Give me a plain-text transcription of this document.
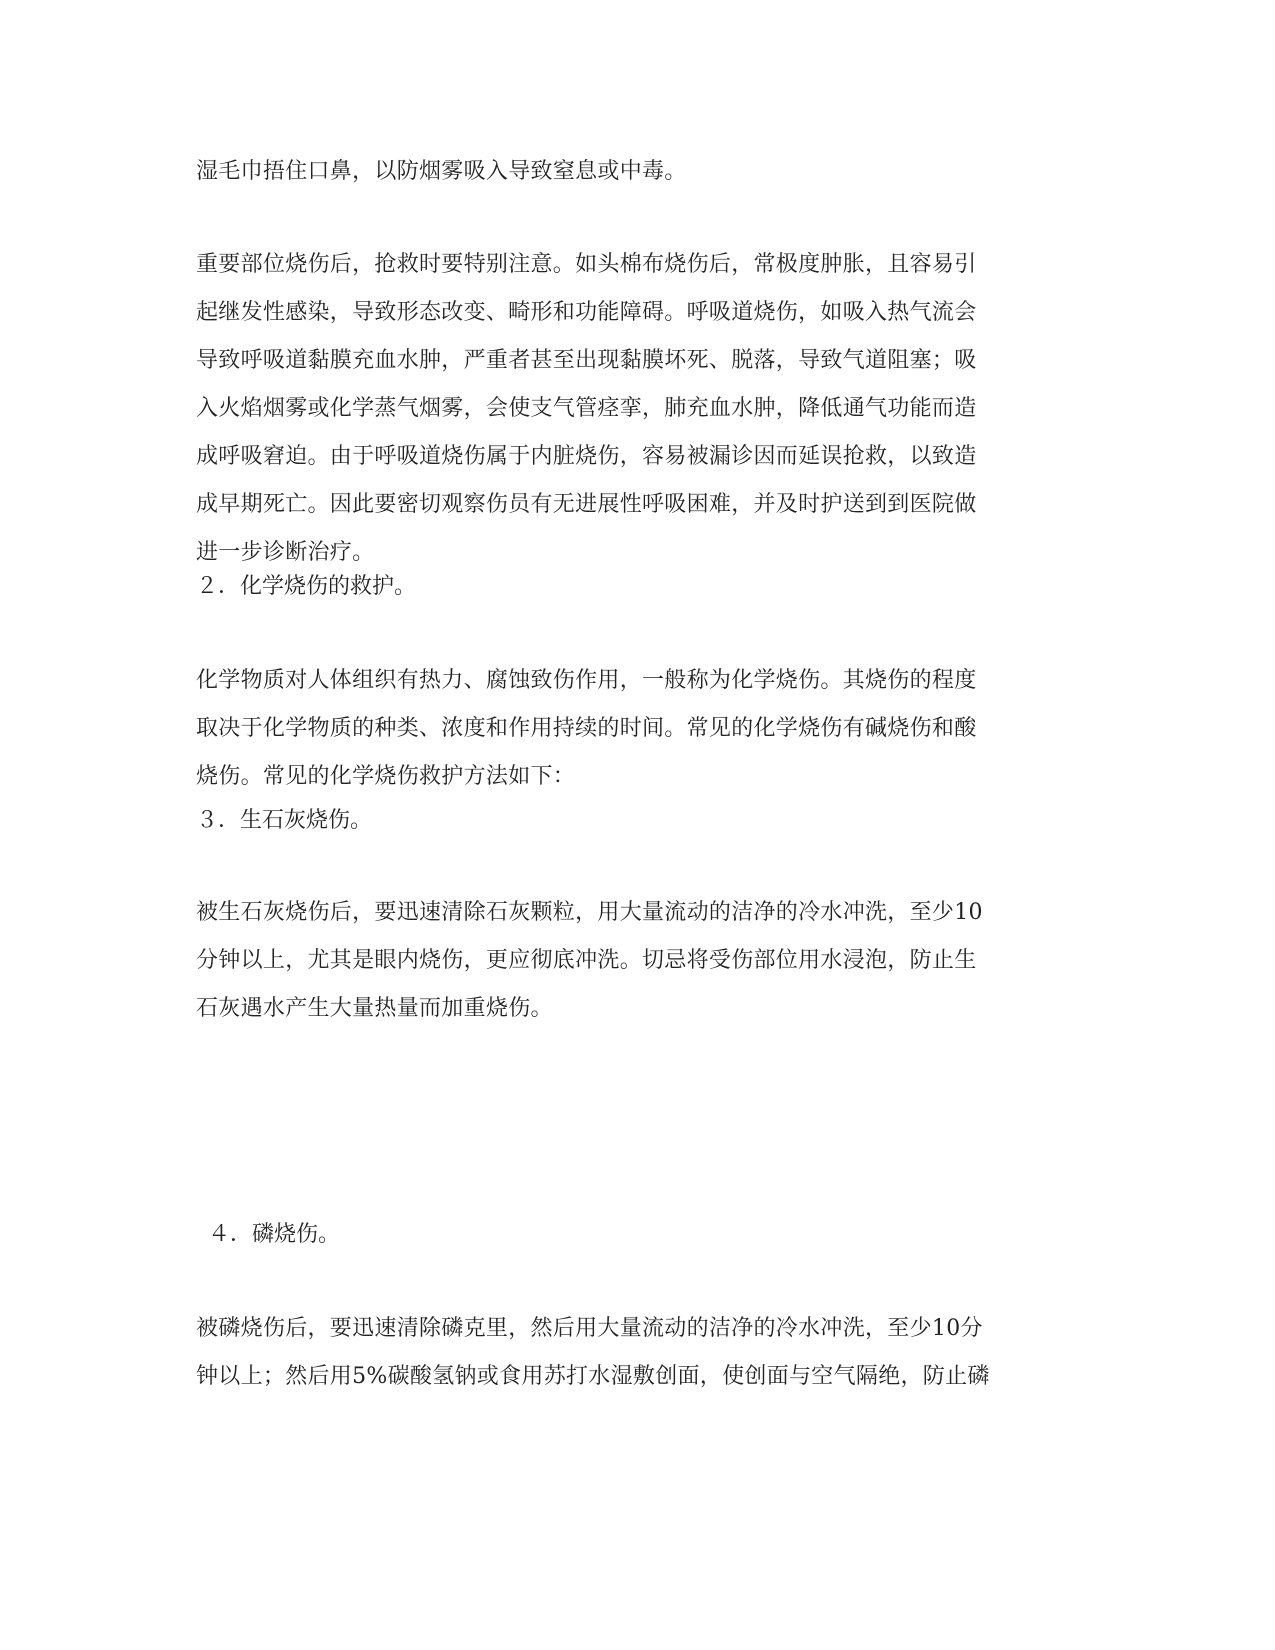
湿毛巾捂住口鼻，以防烟雾吸入导致窒息或中毒。

重要部位烧伤后，抢救时要特别注意。如头棉布烧伤后，常极度肿胀，且容易引
起继发性感染，导致形态改变、畸形和功能障碍。呼吸道烧伤，如吸入热气流会
导致呼吸道黏膜充血水肿，严重者甚至出现黏膜坏死、脱落，导致气道阻塞；吸
入火焰烟雾或化学蒸气烟雾，会使支气管痉挛，肺充血水肿，降低通气功能而造
成呼吸窘迫。由于呼吸道烧伤属于内脏烧伤，容易被漏诊因而延误抢救，以致造
成早期死亡。因此要密切观察伤员有无进展性呼吸困难，并及时护送到到医院做
进一步诊断治疗。

２．化学烧伤的救护。

化学物质对人体组织有热力、腐蚀致伤作用，一般称为化学烧伤。其烧伤的程度
取决于化学物质的种类、浓度和作用持续的时间。常见的化学烧伤有碱烧伤和酸
烧伤。常见的化学烧伤救护方法如下：

３．生石灰烧伤。

被生石灰烧伤后，要迅速清除石灰颗粒，用大量流动的洁净的冷水冲洗，至少10
分钟以上，尤其是眼内烧伤，更应彻底冲洗。切忌将受伤部位用水浸泡，防止生
石灰遇水产生大量热量而加重烧伤。

４．磷烧伤。

被磷烧伤后，要迅速清除磷克里，然后用大量流动的洁净的冷水冲洗，至少10分
钟以上；然后用5%碳酸氢钠或食用苏打水湿敷创面，使创面与空气隔绝，防止磷
